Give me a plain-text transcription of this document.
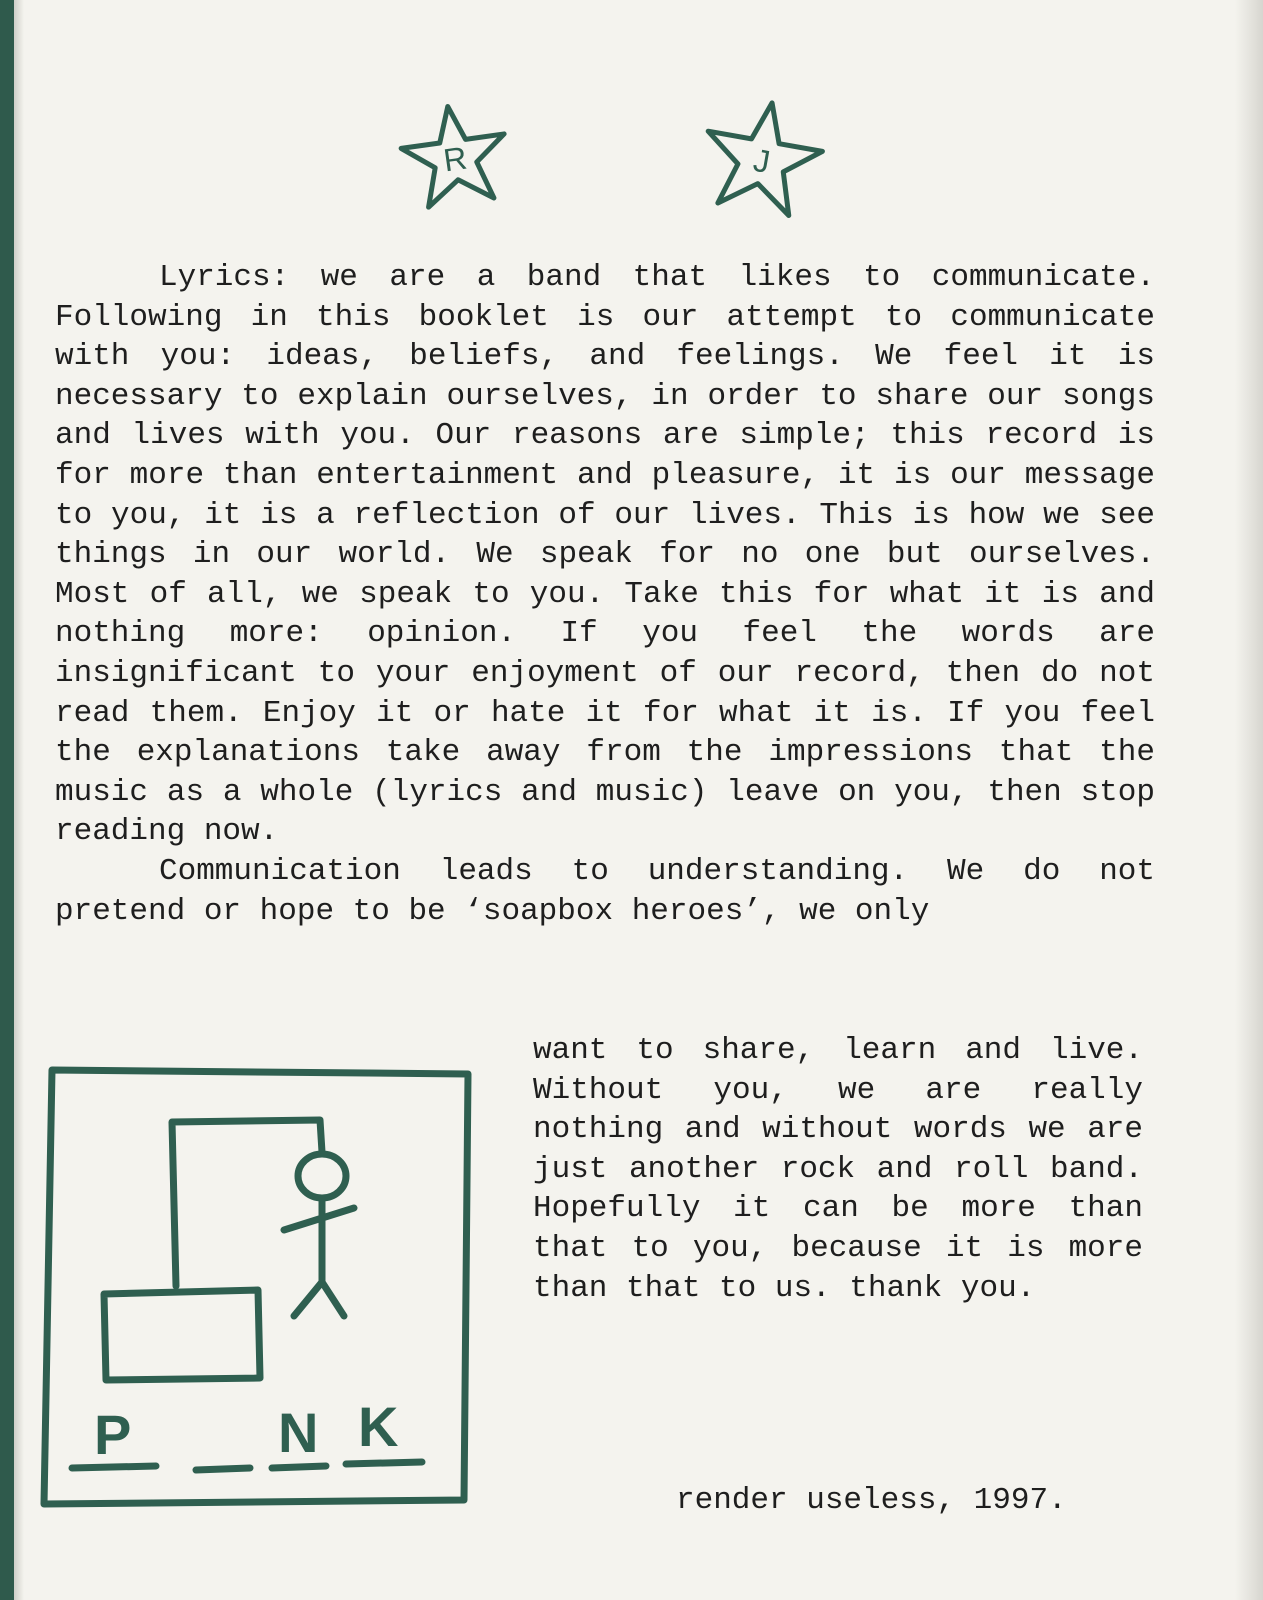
R	J

Lyrics: we are a band that likes to communicate. Following in this booklet is our attempt to communicate with you: ideas, beliefs, and feelings. We feel it is necessary to explain ourselves, in order to share our songs and lives with you. Our reasons are simple; this record is for more than entertainment and pleasure, it is our message to you, it is a reflection of our lives. This is how we see things in our world. We speak for no one but ourselves. Most of all, we speak to you. Take this for what it is and nothing more: opinion. If you feel the words are insignificant to your enjoyment of our record, then do not read them. Enjoy it or hate it for what it is. If you feel the explanations take away from the impressions that the music as a whole (lyrics and music) leave on you, then stop reading now.

Communication leads to understanding. We do not pretend or hope to be ‘soapbox heroes’, we only

want to share, learn and live. Without you, we are really nothing and without words we are just another rock and roll band. Hopefully it can be more than that to you, because it is more than that to us. thank you.

P	N K

render useless, 1997.
